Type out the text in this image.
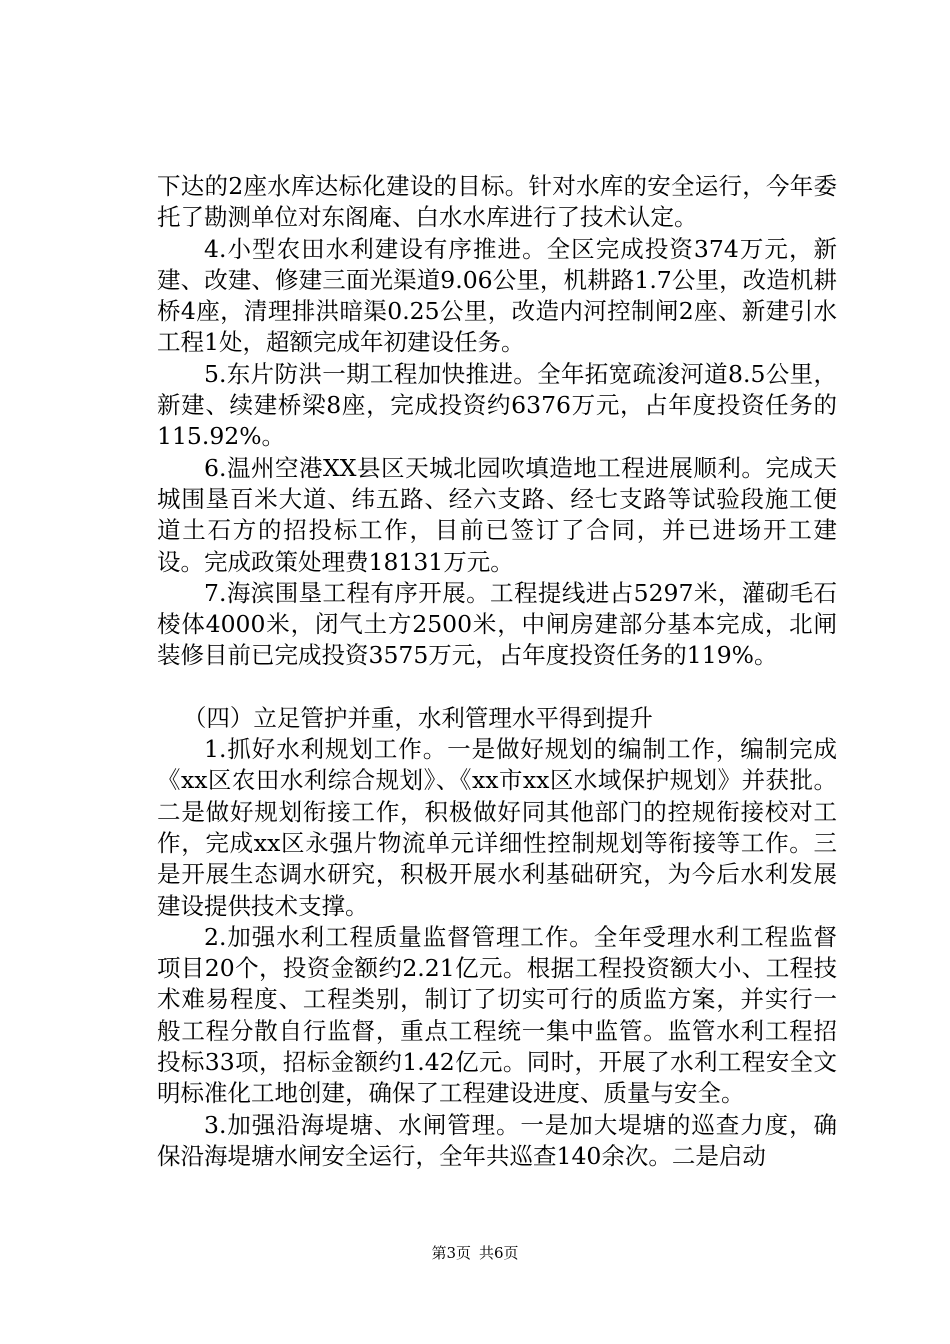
下达的2座水库达标化建设的目标。针对水库的安全运行，今年委托了勘测单位对东阁庵、白水水库进行了技术认定。

4.小型农田水利建设有序推进。全区完成投资374万元，新建、改建、修建三面光渠道9.06公里，机耕路1.7公里，改造机耕桥4座，清理排洪暗渠0.25公里，改造内河控制闸2座、新建引水工程1处，超额完成年初建设任务。

5.东片防洪一期工程加快推进。全年拓宽疏浚河道8.5公里，新建、续建桥梁8座，完成投资约6376万元，占年度投资任务的115.92%。

6.温州空港XX县区天城北园吹填造地工程进展顺利。完成天城围垦百米大道、纬五路、经六支路、经七支路等试验段施工便道土石方的招投标工作，目前已签订了合同，并已进场开工建设。完成政策处理费18131万元。

7.海滨围垦工程有序开展。工程提线进占5297米，灌砌毛石棱体4000米，闭气土方2500米，中闸房建部分基本完成，北闸装修目前已完成投资3575万元，占年度投资任务的119%。

（四）立足管护并重，水利管理水平得到提升

1.抓好水利规划工作。一是做好规划的编制工作，编制完成《xx区农田水利综合规划》、《xx市xx区水域保护规划》并获批。二是做好规划衔接工作，积极做好同其他部门的控规衔接校对工作，完成xx区永强片物流单元详细性控制规划等衔接等工作。三是开展生态调水研究，积极开展水利基础研究，为今后水利发展建设提供技术支撑。

2.加强水利工程质量监督管理工作。全年受理水利工程监督项目20个，投资金额约2.21亿元。根据工程投资额大小、工程技术难易程度、工程类别，制订了切实可行的质监方案，并实行一般工程分散自行监督，重点工程统一集中监管。监管水利工程招投标33项，招标金额约1.42亿元。同时，开展了水利工程安全文明标准化工地创建，确保了工程建设进度、质量与安全。

3.加强沿海堤塘、水闸管理。一是加大堤塘的巡查力度，确保沿海堤塘水闸安全运行，全年共巡查140余次。二是启动

第3页 共6页
